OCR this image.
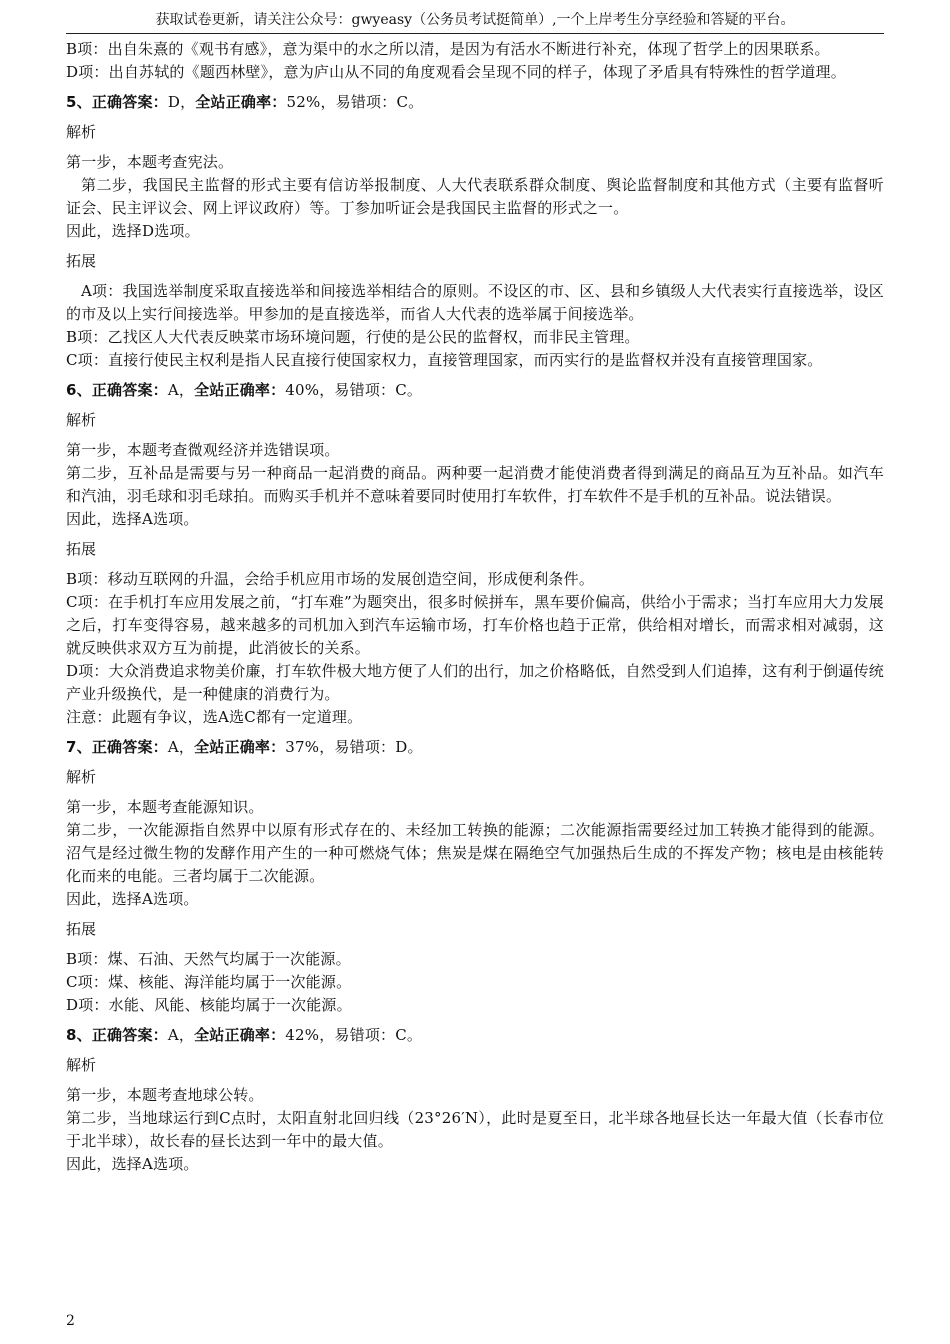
获取试卷更新，请关注公众号：gwyeasy（公务员考试挺简单）,一个上岸考生分享经验和答疑的平台。

B项：出自朱熹的《观书有感》，意为渠中的水之所以清，是因为有活水不断进行补充，体现了哲学上的因果联系。

D项：出自苏轼的《题西林壁》，意为庐山从不同的角度观看会呈现不同的样子，体现了矛盾具有特殊性的哲学道理。

5、正确答案：D，全站正确率：52%，易错项：C。

解析

第一步，本题考查宪法。

第二步，我国民主监督的形式主要有信访举报制度、人大代表联系群众制度、舆论监督制度和其他方式（主要有监督听证会、民主评议会、网上评议政府）等。丁参加听证会是我国民主监督的形式之一。

因此，选择D选项。

拓展

A项：我国选举制度采取直接选举和间接选举相结合的原则。不设区的市、区、县和乡镇级人大代表实行直接选举，设区的市及以上实行间接选举。甲参加的是直接选举，而省人大代表的选举属于间接选举。

B项：乙找区人大代表反映菜市场环境问题，行使的是公民的监督权，而非民主管理。

C项：直接行使民主权利是指人民直接行使国家权力，直接管理国家，而丙实行的是监督权并没有直接管理国家。

6、正确答案：A，全站正确率：40%，易错项：C。

解析

第一步，本题考查微观经济并选错误项。

第二步，互补品是需要与另一种商品一起消费的商品。两种要一起消费才能使消费者得到满足的商品互为互补品。如汽车和汽油，羽毛球和羽毛球拍。而购买手机并不意味着要同时使用打车软件，打车软件不是手机的互补品。说法错误。

因此，选择A选项。

拓展

B项：移动互联网的升温，会给手机应用市场的发展创造空间，形成便利条件。

C项：在手机打车应用发展之前，“打车难”为题突出，很多时候拼车，黑车要价偏高，供给小于需求；当打车应用大力发展之后，打车变得容易，越来越多的司机加入到汽车运输市场，打车价格也趋于正常，供给相对增长，而需求相对减弱，这就反映供求双方互为前提，此消彼长的关系。

D项：大众消费追求物美价廉，打车软件极大地方便了人们的出行，加之价格略低，自然受到人们追捧，这有利于倒逼传统产业升级换代，是一种健康的消费行为。

注意：此题有争议，选A选C都有一定道理。

7、正确答案：A，全站正确率：37%，易错项：D。

解析

第一步，本题考查能源知识。

第二步，一次能源指自然界中以原有形式存在的、未经加工转换的能源；二次能源指需要经过加工转换才能得到的能源。沼气是经过微生物的发酵作用产生的一种可燃烧气体；焦炭是煤在隔绝空气加强热后生成的不挥发产物；核电是由核能转化而来的电能。三者均属于二次能源。

因此，选择A选项。

拓展

B项：煤、石油、天然气均属于一次能源。

C项：煤、核能、海洋能均属于一次能源。

D项：水能、风能、核能均属于一次能源。

8、正确答案：A，全站正确率：42%，易错项：C。

解析

第一步，本题考查地球公转。

第二步，当地球运行到C点时，太阳直射北回归线（23°26′N），此时是夏至日，北半球各地昼长达一年最大值（长春市位于北半球），故长春的昼长达到一年中的最大值。

因此，选择A选项。

2
